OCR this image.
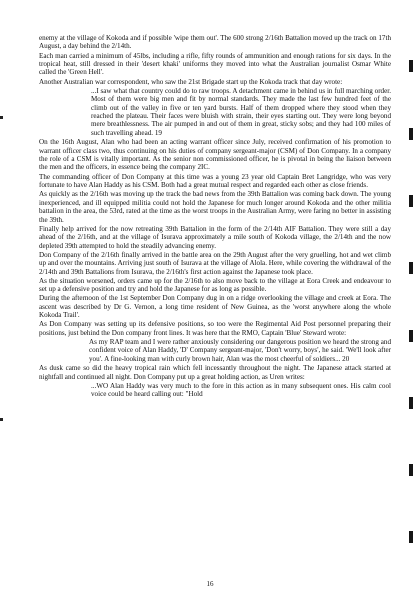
enemy at the village of Kokoda and if possible 'wipe them out'. The 600 strong 2/16th Battalion moved up the track on 17th August, a day behind the 2/14th.

Each man carried a minimum of 45lbs, including a rifle, fifty rounds of ammunition and enough rations for six days. In the tropical heat, still dressed in their 'desert khaki' uniforms they moved into what the Australian journalist Osmar White called the 'Green Hell'.

Another Australian war correspondent, who saw the 21st Brigade start up the Kokoda track that day wrote:

...I saw what that country could do to raw troops. A detachment came in behind us in full marching order. Most of them were big men and fit by normal standards. They made the last few hundred feet of the climb out of the valley in five or ten yard bursts. Half of them dropped where they stood when they reached the plateau. Their faces were bluish with strain, their eyes starting out. They were long beyond mere breathlessness. The air pumped in and out of them in great, sticky sobs; and they had 100 miles of such travelling ahead. 19

On the 16th August, Alan who had been an acting warrant officer since July, received confirmation of his promotion to warrant officer class two, thus continuing on his duties of company sergeant-major (CSM) of Don Company. In a company the role of a CSM is vitally important. As the senior non commissioned officer, he is pivotal in being the liaison between the men and the officers, in essence being the company 2IC.

The commanding officer of Don Company at this time was a young 23 year old Captain Bret Langridge, who was very fortunate to have Alan Haddy as his CSM. Both had a great mutual respect and regarded each other as close friends.

As quickly as the 2/16th was moving up the track the bad news from the 39th Battalion was coming back down. The young inexperienced, and ill equipped militia could not hold the Japanese for much longer around Kokoda and the other militia battalion in the area, the 53rd, rated at the time as the worst troops in the Australian Army, were faring no better in assisting the 39th.

Finally help arrived for the now retreating 39th Battalion in the form of the 2/14th AIF Battalion. They were still a day ahead of the 2/16th, and at the village of Isurava approximately a mile south of Kokoda village, the 2/14th and the now depleted 39th attempted to hold the steadily advancing enemy.

Don Company of the 2/16th finally arrived in the battle area on the 29th August after the very gruelling, hot and wet climb up and over the mountains. Arriving just south of Isurava at the village of Alola. Here, while covering the withdrawal of the 2/14th and 39th Battalions from Isurava, the 2/16th's first action against the Japanese took place.

As the situation worsened, orders came up for the 2/16th to also move back to the village at Eora Creek and endeavour to set up a defensive position and try and hold the Japanese for as long as possible.

During the afternoon of the 1st September Don Company dug in on a ridge overlooking the village and creek at Eora. The ascent was described by Dr G. Vernon, a long time resident of New Guinea, as the 'worst anywhere along the whole Kokoda Trail'.

As Don Company was setting up its defensive positions, so too were the Regimental Aid Post personnel preparing their positions, just behind the Don company front lines. It was here that the RMO, Captain 'Blue' Steward wrote:

As my RAP team and I were rather anxiously considering our dangerous position we heard the strong and confident voice of Alan Haddy, 'D' Company sergeant-major, 'Don't worry, boys', he said. 'We'll look after you'. A fine-looking man with curly brown hair, Alan was the most cheerful of soldiers... 20

As dusk came so did the heavy tropical rain which fell incessantly throughout the night. The Japanese attack started at nightfall and continued all night. Don Company put up a great holding action, as Uren writes:

...WO Alan Haddy was very much to the fore in this action as in many subsequent ones. His calm cool voice could be heard calling out: "Hold

16
